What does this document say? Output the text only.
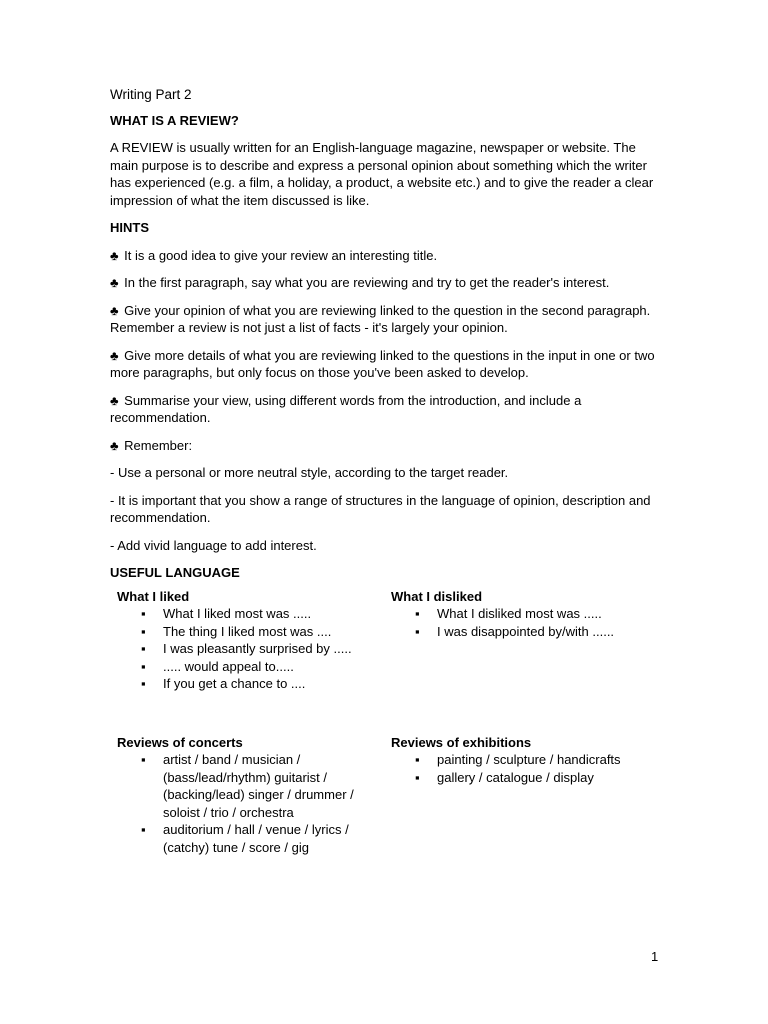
Writing Part 2
WHAT IS A REVIEW?

A REVIEW is usually written for an English-language magazine, newspaper or website. The main purpose is to describe and express a personal opinion about something which the writer has experienced (e.g. a film, a holiday, a product, a website etc.) and to give the reader a clear impression of what the item discussed is like.

HINTS
♣ It is a good idea to give your review an interesting title.
♣ In the first paragraph, say what you are reviewing and try to get the reader's interest.
♣ Give your opinion of what you are reviewing linked to the question in the second paragraph. Remember a review is not just a list of facts - it's largely your opinion.
♣ Give more details of what you are reviewing linked to the questions in the input in one or two more paragraphs, but only focus on those you've been asked to develop.
♣ Summarise your view, using different words from the introduction, and include a recommendation.
♣ Remember:

- Use a personal or more neutral style, according to the target reader.

- It is important that you show a range of structures in the language of opinion, description and recommendation.

- Add vivid language to add interest.

USEFUL LANGUAGE
What I liked
▪ What I liked most was .....
▪ The thing I liked most was ....
▪ I was pleasantly surprised by .....
▪ ..... would appeal to.....
▪ If you get a chance to ....
What I disliked
▪ What I disliked most was .....
▪ I was disappointed by/with ......
Reviews of concerts
▪ artist / band / musician / (bass/lead/rhythm) guitarist / (backing/lead) singer / drummer / soloist / trio / orchestra
▪ auditorium / hall / venue / lyrics / (catchy) tune / score / gig
Reviews of exhibitions
▪ painting / sculpture / handicrafts
▪ gallery / catalogue / display
1
